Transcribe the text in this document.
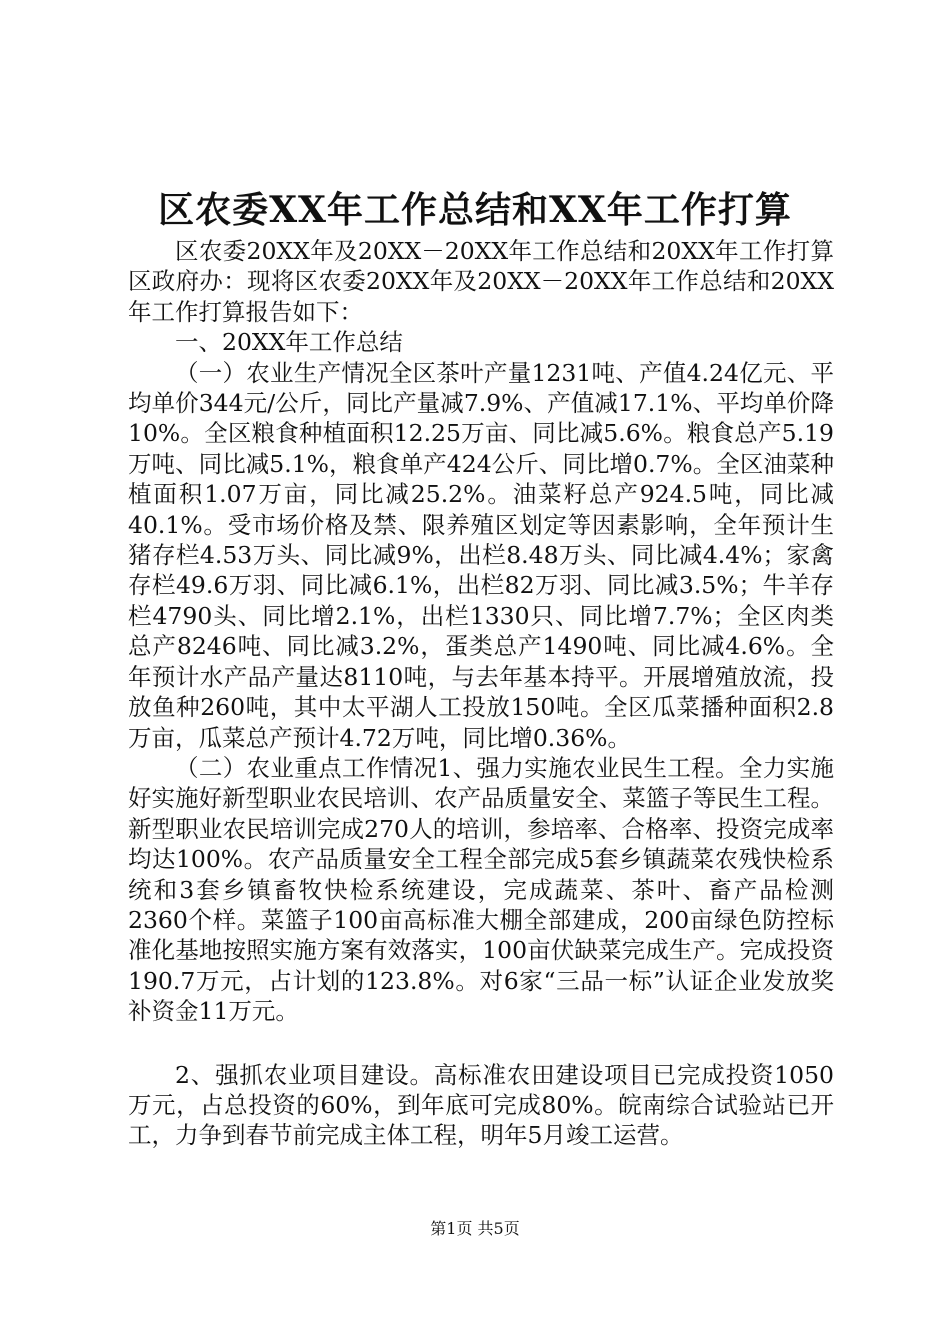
区农委XX年工作总结和XX年工作打算

区农委20XX年及20XX－20XX年工作总结和20XX年工作打算区政府办：现将区农委20XX年及20XX－20XX年工作总结和20XX年工作打算报告如下：

一、20XX年工作总结

（一）农业生产情况全区茶叶产量1231吨、产值4.24亿元、平均单价344元/公斤，同比产量减7.9%、产值减17.1%、平均单价降10%。全区粮食种植面积12.25万亩、同比减5.6%。粮食总产5.19万吨、同比减5.1%，粮食单产424公斤、同比增0.7%。全区油菜种植面积1.07万亩，同比减25.2%。油菜籽总产924.5吨，同比减40.1%。受市场价格及禁、限养殖区划定等因素影响，全年预计生猪存栏4.53万头、同比减9%，出栏8.48万头、同比减4.4%；家禽存栏49.6万羽、同比减6.1%，出栏82万羽、同比减3.5%；牛羊存栏4790头、同比增2.1%，出栏1330只、同比增7.7%；全区肉类总产8246吨、同比减3.2%，蛋类总产1490吨、同比减4.6%。全年预计水产品产量达8110吨，与去年基本持平。开展增殖放流，投放鱼种260吨，其中太平湖人工投放150吨。全区瓜菜播种面积2.8万亩，瓜菜总产预计4.72万吨，同比增0.36%。

（二）农业重点工作情况1、强力实施农业民生工程。全力实施好实施好新型职业农民培训、农产品质量安全、菜篮子等民生工程。新型职业农民培训完成270人的培训，参培率、合格率、投资完成率均达100%。农产品质量安全工程全部完成5套乡镇蔬菜农残快检系统和3套乡镇畜牧快检系统建设，完成蔬菜、茶叶、畜产品检测2360个样。菜篮子100亩高标准大棚全部建成，200亩绿色防控标准化基地按照实施方案有效落实，100亩伏缺菜完成生产。完成投资190.7万元，占计划的123.8%。对6家“三品一标”认证企业发放奖补资金11万元。

2、强抓农业项目建设。高标准农田建设项目已完成投资1050万元，占总投资的60%，到年底可完成80%。皖南综合试验站已开工，力争到春节前完成主体工程，明年5月竣工运营。

第1页 共5页
